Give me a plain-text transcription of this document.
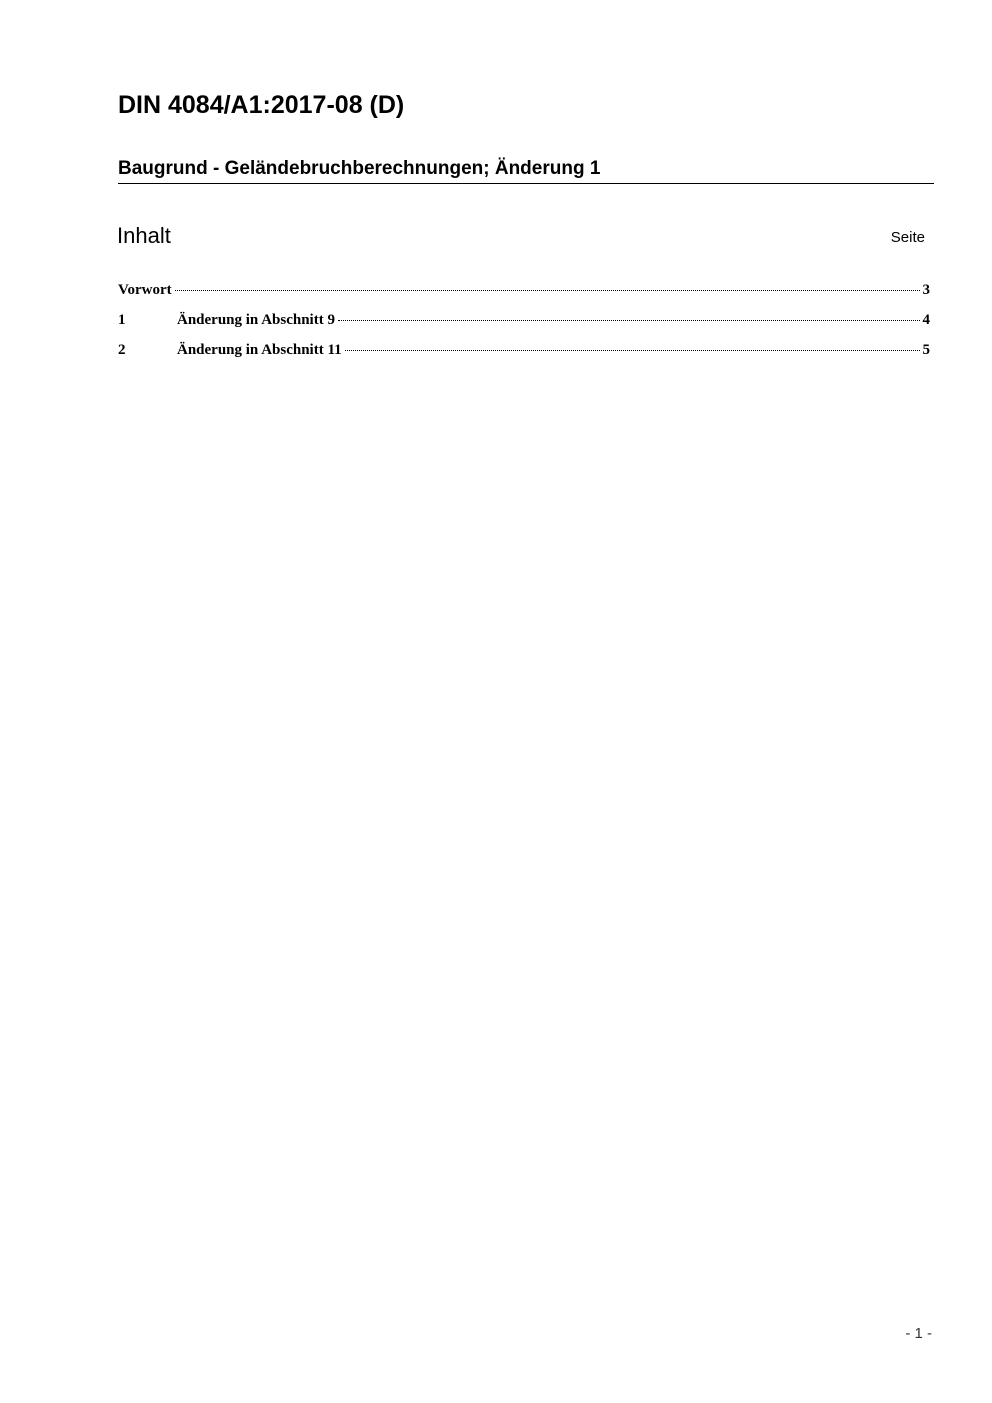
DIN 4084/A1:2017-08 (D)
Baugrund - Geländebruchberechnungen; Änderung 1
Inhalt	Seite
Vorwort	3
1	Änderung in Abschnitt 9	4
2	Änderung in Abschnitt 11	5
- 1 -
